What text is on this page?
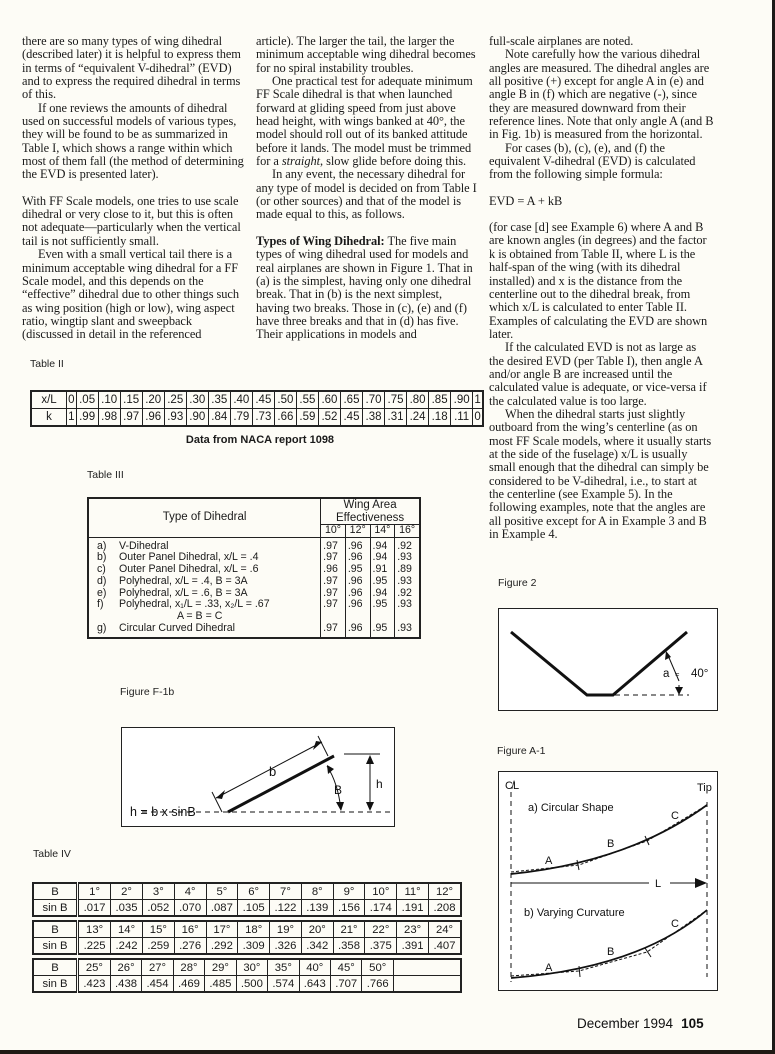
there are so many types of wing dihedral (described later) it is helpful to express them in terms of “equivalent V-dihedral” (EVD) and to express the required dihedral in terms of this.

If one reviews the amounts of dihedral used on successful models of various types, they will be found to be as summarized in Table I, which shows a range within which most of them fall (the method of determining the EVD is presented later).

With FF Scale models, one tries to use scale dihedral or very close to it, but this is often not adequate—particularly when the vertical tail is not sufficiently small.

Even with a small vertical tail there is a minimum acceptable wing dihedral for a FF Scale model, and this depends on the “effective” dihedral due to other things such as wing position (high or low), wing aspect ratio, wingtip slant and sweepback (discussed in detail in the referenced

article). The larger the tail, the larger the minimum acceptable wing dihedral becomes for no spiral instability troubles.

One practical test for adequate minimum FF Scale dihedral is that when launched forward at gliding speed from just above head height, with wings banked at 40°, the model should roll out of its banked attitude before it lands. The model must be trimmed for a straight, slow glide before doing this.

In any event, the necessary dihedral for any type of model is decided on from Table I (or other sources) and that of the model is made equal to this, as follows.

Types of Wing Dihedral: The five main types of wing dihedral used for models and real airplanes are shown in Figure 1. That in (a) is the simplest, having only one dihedral break. That in (b) is the next simplest, having two breaks. Those in (c), (e) and (f) have three breaks and that in (d) has five. Their applications in models and

full-scale airplanes are noted.

Note carefully how the various dihedral angles are measured. The dihedral angles are all positive (+) except for angle A in (e) and angle B in (f) which are negative (-), since they are measured downward from their reference lines. Note that only angle A (and B in Fig. 1b) is measured from the horizontal.

For cases (b), (c), (e), and (f) the equivalent V-dihedral (EVD) is calculated from the following simple formula:

EVD = A + kB

(for case [d] see Example 6) where A and B are known angles (in degrees) and the factor k is obtained from Table II, where L is the half-span of the wing (with its dihedral installed) and x is the distance from the centerline out to the dihedral break, from which x/L is calculated to enter Table II. Examples of calculating the EVD are shown later.

If the calculated EVD is not as large as the desired EVD (per Table I), then angle A and/or angle B are increased until the calculated value is adequate, or vice-versa if the calculated value is too large.

When the dihedral starts just slightly outboard from the wing’s centerline (as on most FF Scale models, where it usually starts at the side of the fuselage) x/L is usually small enough that the dihedral can simply be considered to be V-dihedral, i.e., to start at the centerline (see Example 5). In the following examples, note that the angles are all positive except for A in Example 3 and B in Example 4.

Table II
x/L	0	.05	.10	.15	.20	.25	.30	.35	.40	.45	.50	.55	.60	.65	.70	.75	.80	.85	.90	1
k	1	.99	.98	.97	.96	.93	.90	.84	.79	.73	.66	.59	.52	.45	.38	.31	.24	.18	.11	0
Data from NACA report 1098
Table III
Type of Dihedral		Wing Area
Effectiveness			
		10°	12°	14°	16°
a)	V-Dihedral	.97	.96	.94	.92
b)	Outer Panel Dihedral, x/L = .4	.97	.96	.94	.93
c)	Outer Panel Dihedral, x/L = .6	.96	.95	.91	.89
d)	Polyhedral, x/L = .4, B = 3A	.97	.96	.95	.93
e)	Polyhedral, x/L = .6, B = 3A	.97	.96	.94	.92
f)	Polyhedral, x₁/L = .33, x₂/L = .67
A = B = C	.97	.96	.95	.93
g)	Circular Curved Dihedral	.97	.96	.95	.93
Figure F-1b
b
B	h
h = b x sinB
Table IV
B	1°	2°	3°	4°	5°	6°	7°	8°	9°	10°	11°	12°
sin B	.017	.035	.052	.070	.087	.105	.122	.139	.156	.174	.191	.208
B	13°	14°	15°	16°	17°	18°	19°	20°	21°	22°	23°	24°
sin B	.225	.242	.259	.276	.292	.309	.326	.342	.358	.375	.391	.407
B	25°	26°	27°	28°	29°	30°	35°	40°	45°	50°	
sin B	.423	.438	.454	.469	.485	.500	.574	.643	.707	.766	
Figure 2
a ≈ 40°
Figure A-1
C̸L	Tip
a) Circular Shape
A
B
C
L
b) Varying Curvature
A
B
C
December 1994 105
